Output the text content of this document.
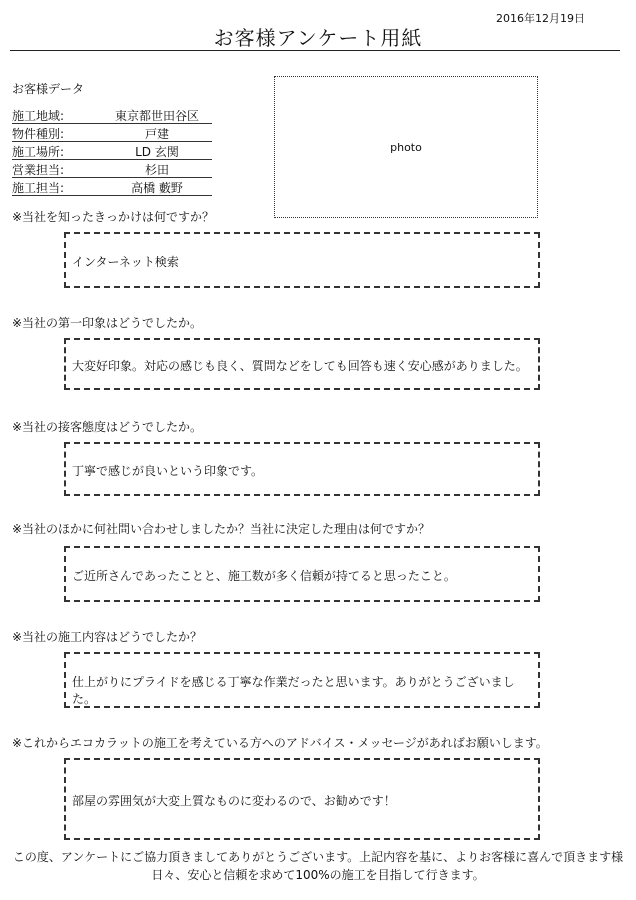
2016年12月19日
お客様アンケート用紙
お客様データ
施工地域:	東京都世田谷区
物件種別:	戸建
施工場所:	LD 玄関
営業担当:	杉田
施工担当:	高橋 藪野
photo
※当社を知ったきっかけは何ですか？
インターネット検索
※当社の第一印象はどうでしたか。
大変好印象。対応の感じも良く、質問などをしても回答も速く安心感がありました。
※当社の接客態度はどうでしたか。
丁寧で感じが良いという印象です。
※当社のほかに何社問い合わせしましたか？当社に決定した理由は何ですか？
ご近所さんであったことと、施工数が多く信頼が持てると思ったこと。
※当社の施工内容はどうでしたか？
仕上がりにプライドを感じる丁寧な作業だったと思います。ありがとうございました。
※これからエコカラットの施工を考えている方へのアドバイス・メッセージがあればお願いします。
部屋の雰囲気が大変上質なものに変わるので、お勧めです！
この度、アンケートにご協力頂きましてありがとうございます。上記内容を基に、よりお客様に喜んで頂きます様
日々、安心と信頼を求めて100%の施工を目指して行きます。
